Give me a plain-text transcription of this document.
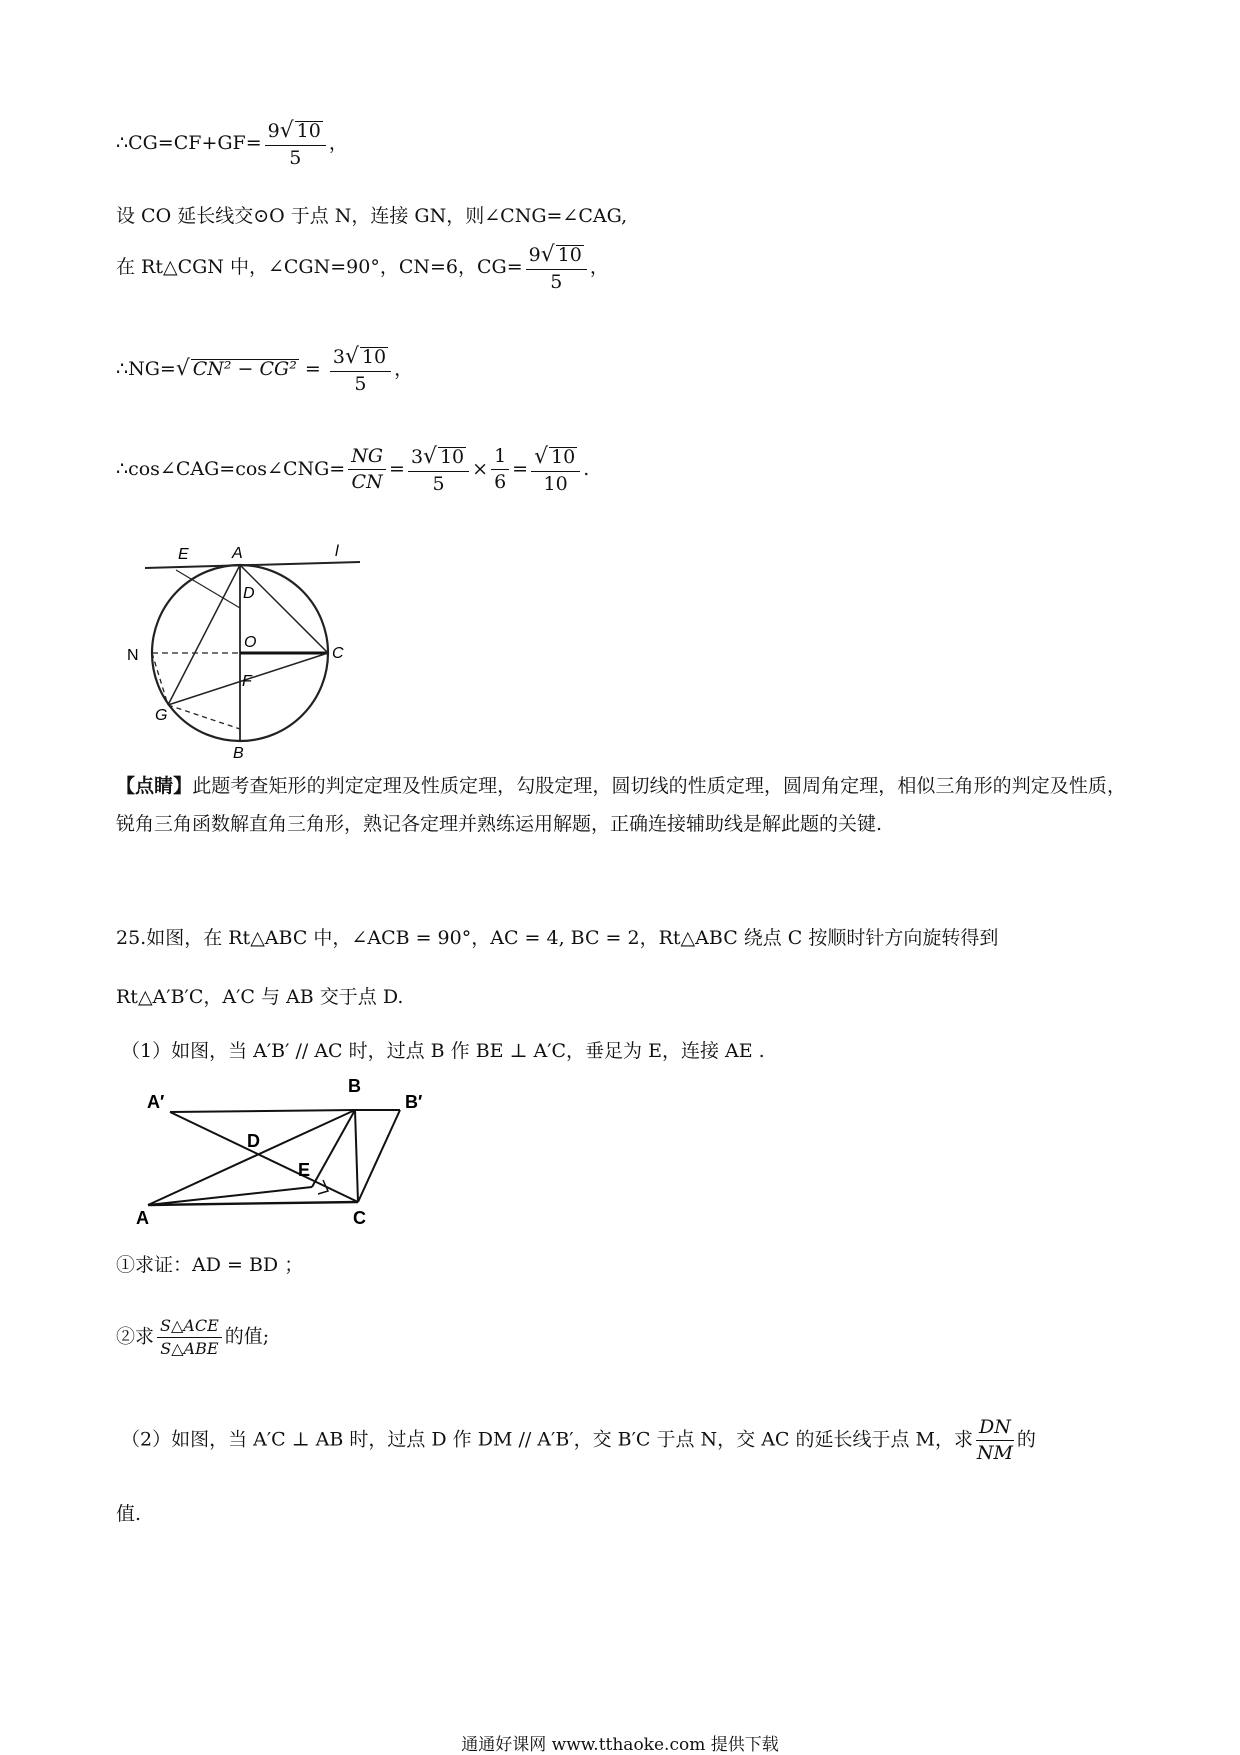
∴CG=CF+GF= $\frac{9√ 10}{5}$ ，
设 CO 延长线交⊙O 于点 N，连接 GN，则∠CNG=∠CAG,
在 Rt△CGN 中，∠CGN=90°，CN=6，$CG= \frac{9√ 10}{5}$ ，
∴NG=√ $CN^2 - CG^2 = \frac{3√ 10}{5}$ ，
∴cos∠CAG=cos∠CNG= $\frac{NG}{CN} = \frac{3√ 10}{5} \times \frac{1}{6} = \frac{√ 10}{10}$ .
E	A	l
D
O
C
N
F
G
B
【点睛】此题考查矩形的判定定理及性质定理，勾股定理，圆切线的性质定理，圆周角定理，相似三角形的判定及性质，锐角三角函数解直角三角形，熟记各定理并熟练运用解题，正确连接辅助线是解此题的关键.
25.如图，在 Rt△ABC 中，∠ACB = 90°，AC = 4, BC = 2，Rt△ABC 绕点 C 按顺时针方向旋转得到
Rt△A′B′C，A′C 与 AB 交于点 D.
（1）如图，当 A′B′ // AC 时，过点 B 作 BE ⊥ A′C，垂足为 E，连接 AE .
A′
B
B′
D
E
A	C
①求证：AD = BD ；
②求 $\frac{\text{S△ACE}}{\text{S△ABE}}$ 的值;
（2）如图，当 A′C ⊥ AB 时，过点 D 作 DM // A′B′，交 B′C 于点 N，交 AC 的延长线于点 M，求 $\frac{DN}{NM}$ 的
值.
通通好课网 www.tthaoke.com 提供下载
